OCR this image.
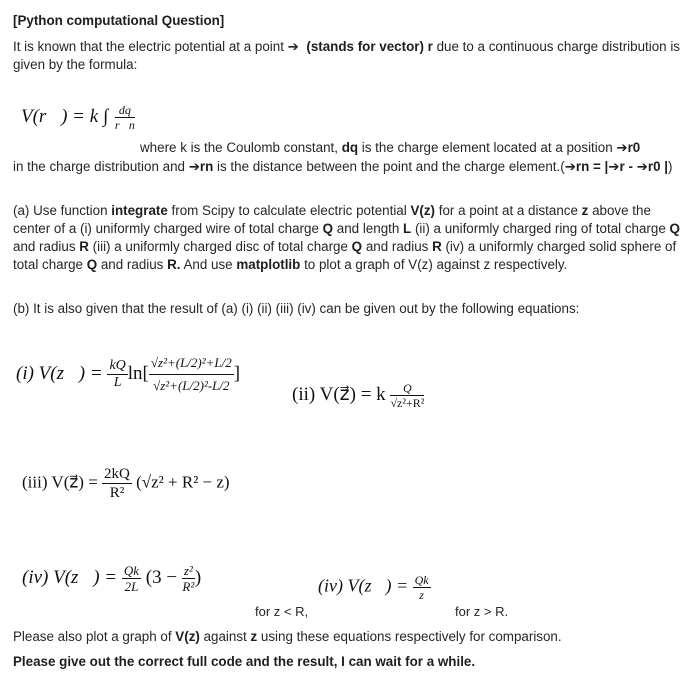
[Python computational Question]
It is known that the electric potential at a point ➔ (stands for vector) r due to a continuous charge distribution is given by the formula:
V(r⃗) = k ∫ $\frac{dq}{r⃗n}$
where k is the Coulomb constant, dq is the charge element located at a position ➔r0
in the charge distribution and ➔rn is the distance between the point and the charge element.(➔rn = |➔r - ➔r0 |)
(a) Use function integrate from Scipy to calculate electric potential V(z) for a point at a distance z above the center of a (i) uniformly charged wire of total charge Q and length L (ii) a uniformly charged ring of total charge Q and radius R (iii) a uniformly charged disc of total charge Q and radius R (iv) a uniformly charged solid sphere of total charge Q and radius R. And use matplotlib to plot a graph of V(z) against z respectively.
(b) It is also given that the result of (a) (i) (ii) (iii) (iv) can be given out by the following equations:
(i) V(z⃗) = $\frac{kQ}{L} \ln[ \frac{\text{√z²+(L/2)²+L/2}}{\text{√z²+(L/2)²-L/2}}$ ]
(ii) V(z⃗) = k $\frac{Q}{\text{√z²+R²}}$
(iii) V(z⃗) = $\frac{2kQ}{\text{R²}} (√z^2 + R^2 - z)$
(iv) V(z⃗) = $\frac{Qk}{2L} (3 - \frac{\text{z²}}{\text{R²}}$ )
for z < R,
(iv) V(z⃗) = $\frac{Qk}{z}$
for z > R.
Please also plot a graph of V(z) against z using these equations respectively for comparison.
Please give out the correct full code and the result, I can wait for a while.
